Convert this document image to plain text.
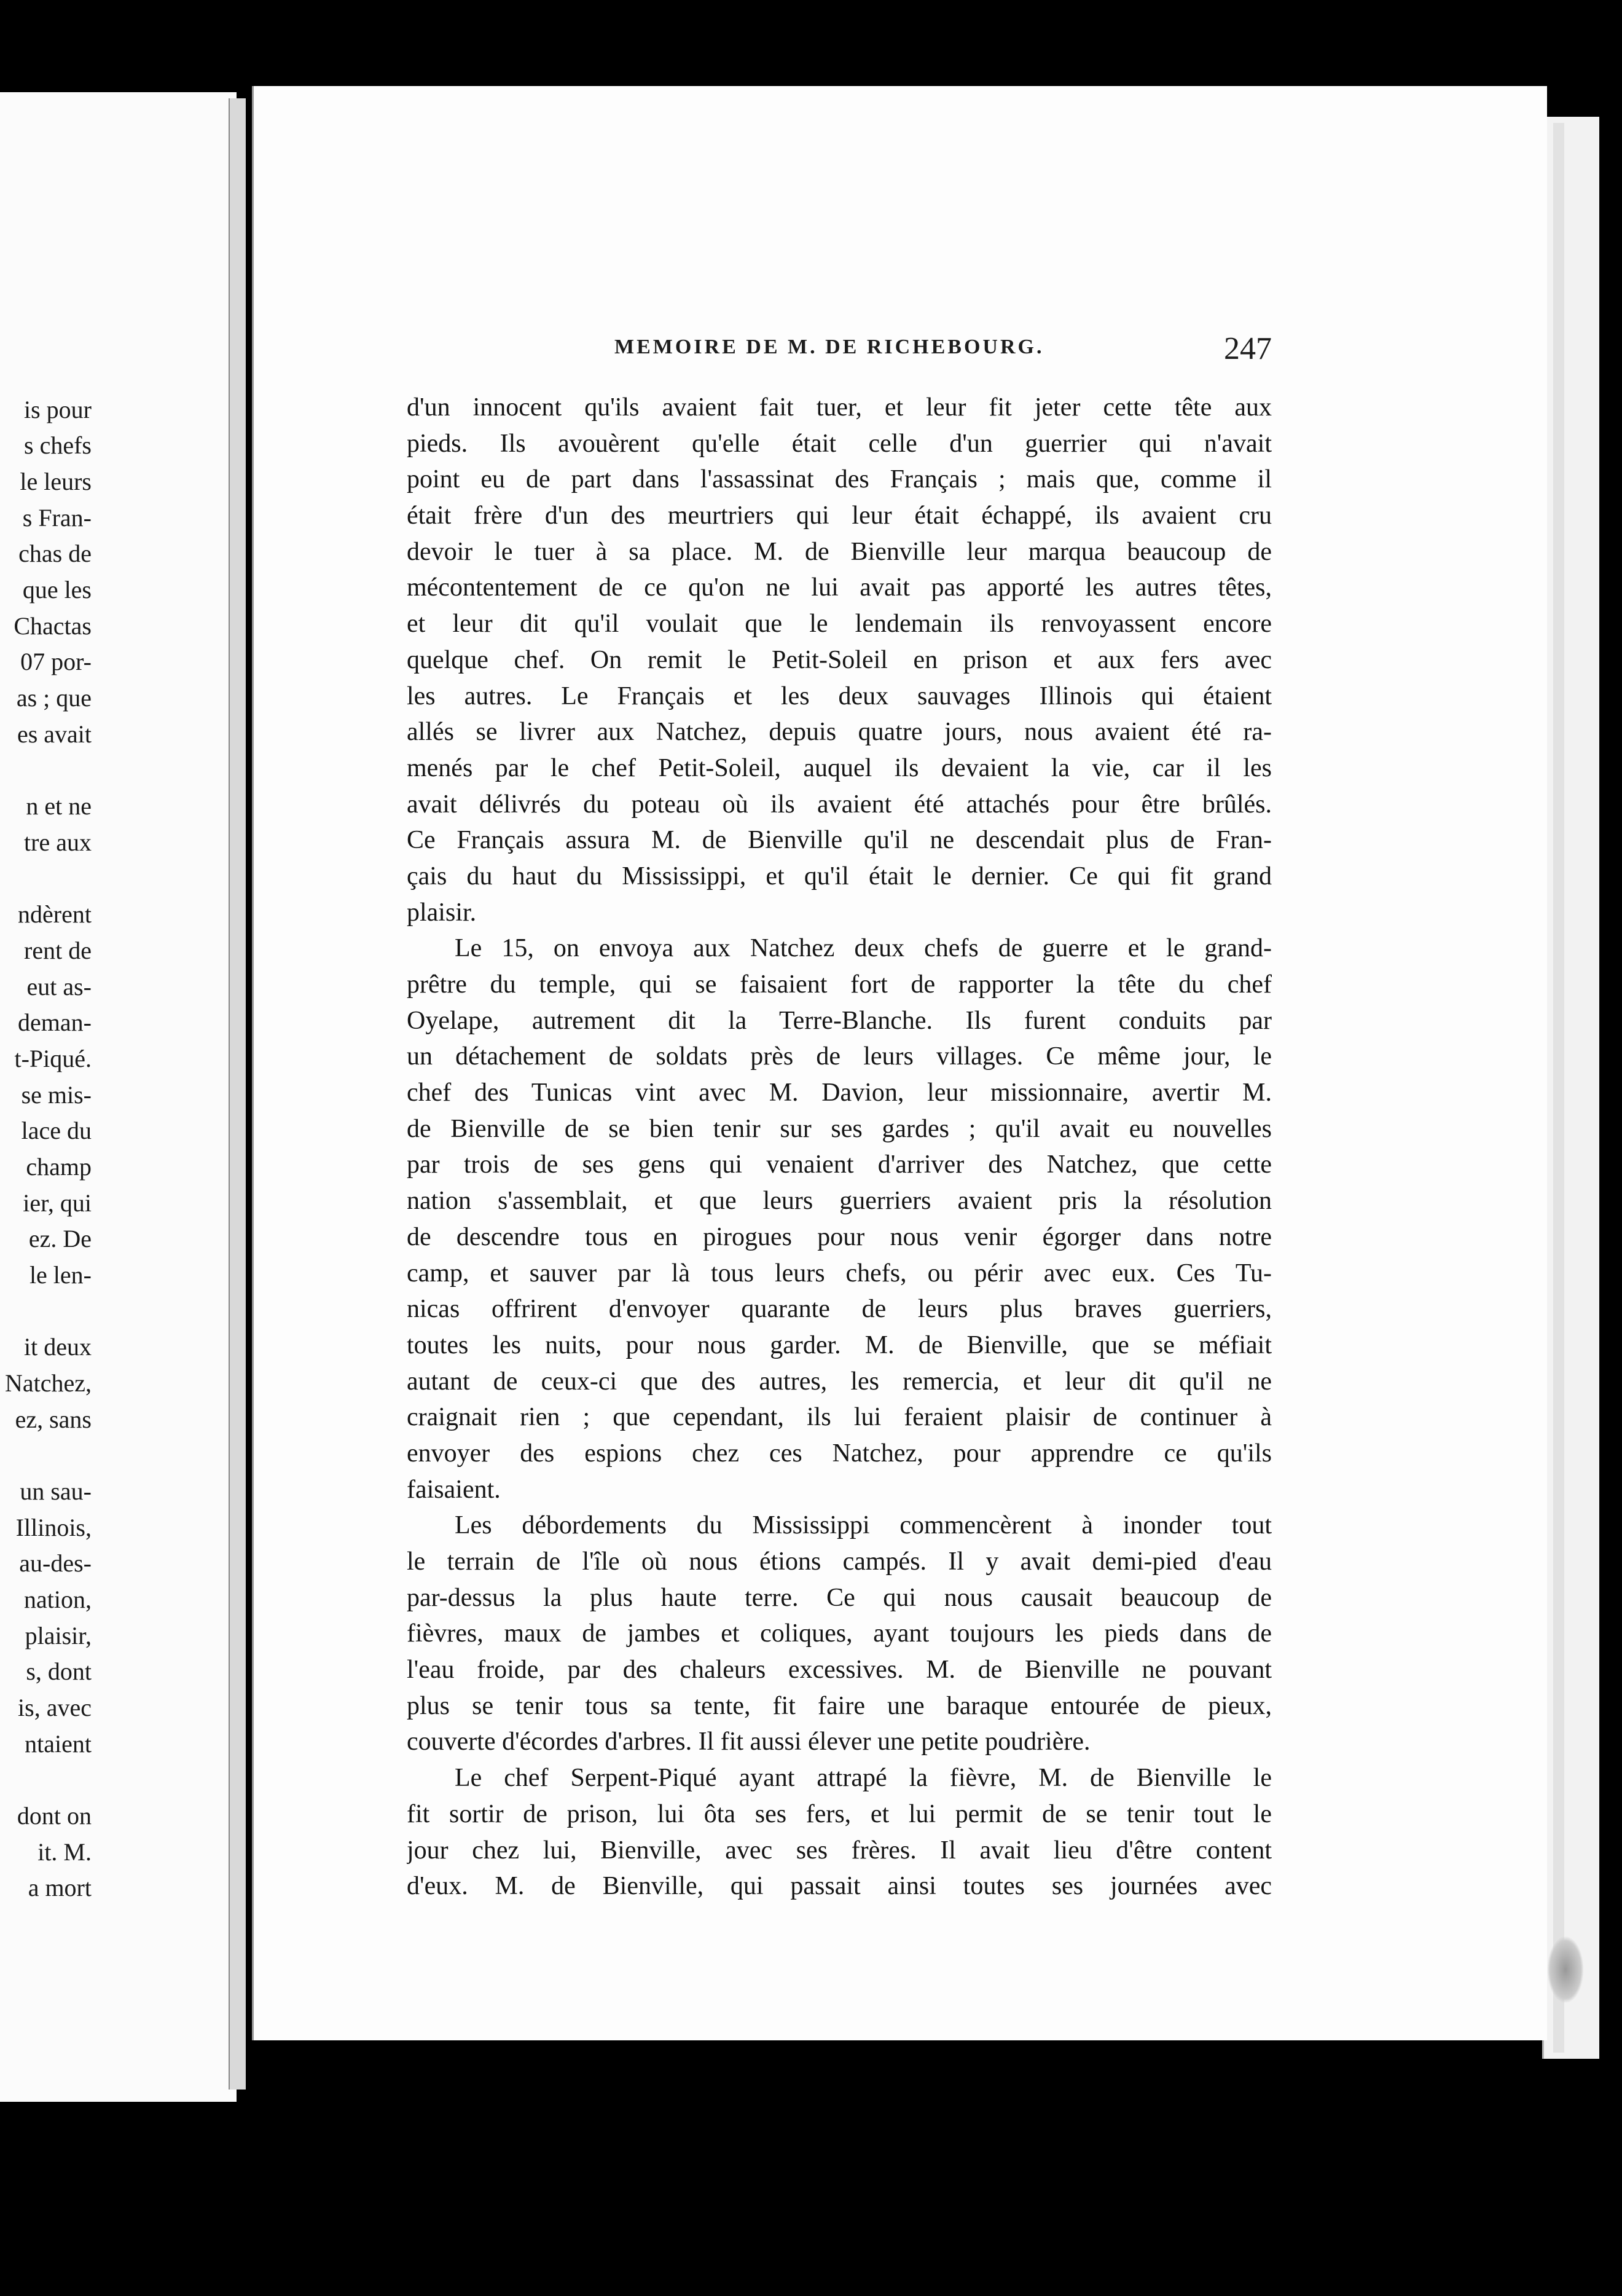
is pour
s chefs
le leurs
s Fran-
chas de
que les
Chactas
07 por-
as ; que
es avait
n et ne
tre aux
ndèrent
rent de
eut as-
deman-
t-Piqué.
se mis-
lace du
champ
ier, qui
ez. De
le len-
it deux
Natchez,
ez, sans
un sau-
Illinois,
au-des-
nation,
plaisir,
s, dont
is, avec
ntaient
dont on
it. M.
a mort
MEMOIRE DE M. DE RICHEBOURG.	247
d'un innocent qu'ils avaient fait tuer, et leur fit jeter cette tête aux
pieds. Ils avouèrent qu'elle était celle d'un guerrier qui n'avait
point eu de part dans l'assassinat des Français ; mais que, comme il
était frère d'un des meurtriers qui leur était échappé, ils avaient cru
devoir le tuer à sa place. M. de Bienville leur marqua beaucoup de
mécontentement de ce qu'on ne lui avait pas apporté les autres têtes,
et leur dit qu'il voulait que le lendemain ils renvoyassent encore
quelque chef. On remit le Petit-Soleil en prison et aux fers avec
les autres. Le Français et les deux sauvages Illinois qui étaient
allés se livrer aux Natchez, depuis quatre jours, nous avaient été ra-
menés par le chef Petit-Soleil, auquel ils devaient la vie, car il les
avait délivrés du poteau où ils avaient été attachés pour être brûlés.
Ce Français assura M. de Bienville qu'il ne descendait plus de Fran-
çais du haut du Mississippi, et qu'il était le dernier. Ce qui fit grand
plaisir.
Le 15, on envoya aux Natchez deux chefs de guerre et le grand-
prêtre du temple, qui se faisaient fort de rapporter la tête du chef
Oyelape, autrement dit la Terre-Blanche. Ils furent conduits par
un détachement de soldats près de leurs villages. Ce même jour, le
chef des Tunicas vint avec M. Davion, leur missionnaire, avertir M.
de Bienville de se bien tenir sur ses gardes ; qu'il avait eu nouvelles
par trois de ses gens qui venaient d'arriver des Natchez, que cette
nation s'assemblait, et que leurs guerriers avaient pris la résolution
de descendre tous en pirogues pour nous venir égorger dans notre
camp, et sauver par là tous leurs chefs, ou périr avec eux. Ces Tu-
nicas offrirent d'envoyer quarante de leurs plus braves guerriers,
toutes les nuits, pour nous garder. M. de Bienville, que se méfiait
autant de ceux-ci que des autres, les remercia, et leur dit qu'il ne
craignait rien ; que cependant, ils lui feraient plaisir de continuer à
envoyer des espions chez ces Natchez, pour apprendre ce qu'ils
faisaient.
Les débordements du Mississippi commencèrent à inonder tout
le terrain de l'île où nous étions campés. Il y avait demi-pied d'eau
par-dessus la plus haute terre. Ce qui nous causait beaucoup de
fièvres, maux de jambes et coliques, ayant toujours les pieds dans de
l'eau froide, par des chaleurs excessives. M. de Bienville ne pouvant
plus se tenir tous sa tente, fit faire une baraque entourée de pieux,
couverte d'écordes d'arbres. Il fit aussi élever une petite poudrière.
Le chef Serpent-Piqué ayant attrapé la fièvre, M. de Bienville le
fit sortir de prison, lui ôta ses fers, et lui permit de se tenir tout le
jour chez lui, Bienville, avec ses frères. Il avait lieu d'être content
d'eux. M. de Bienville, qui passait ainsi toutes ses journées avec
